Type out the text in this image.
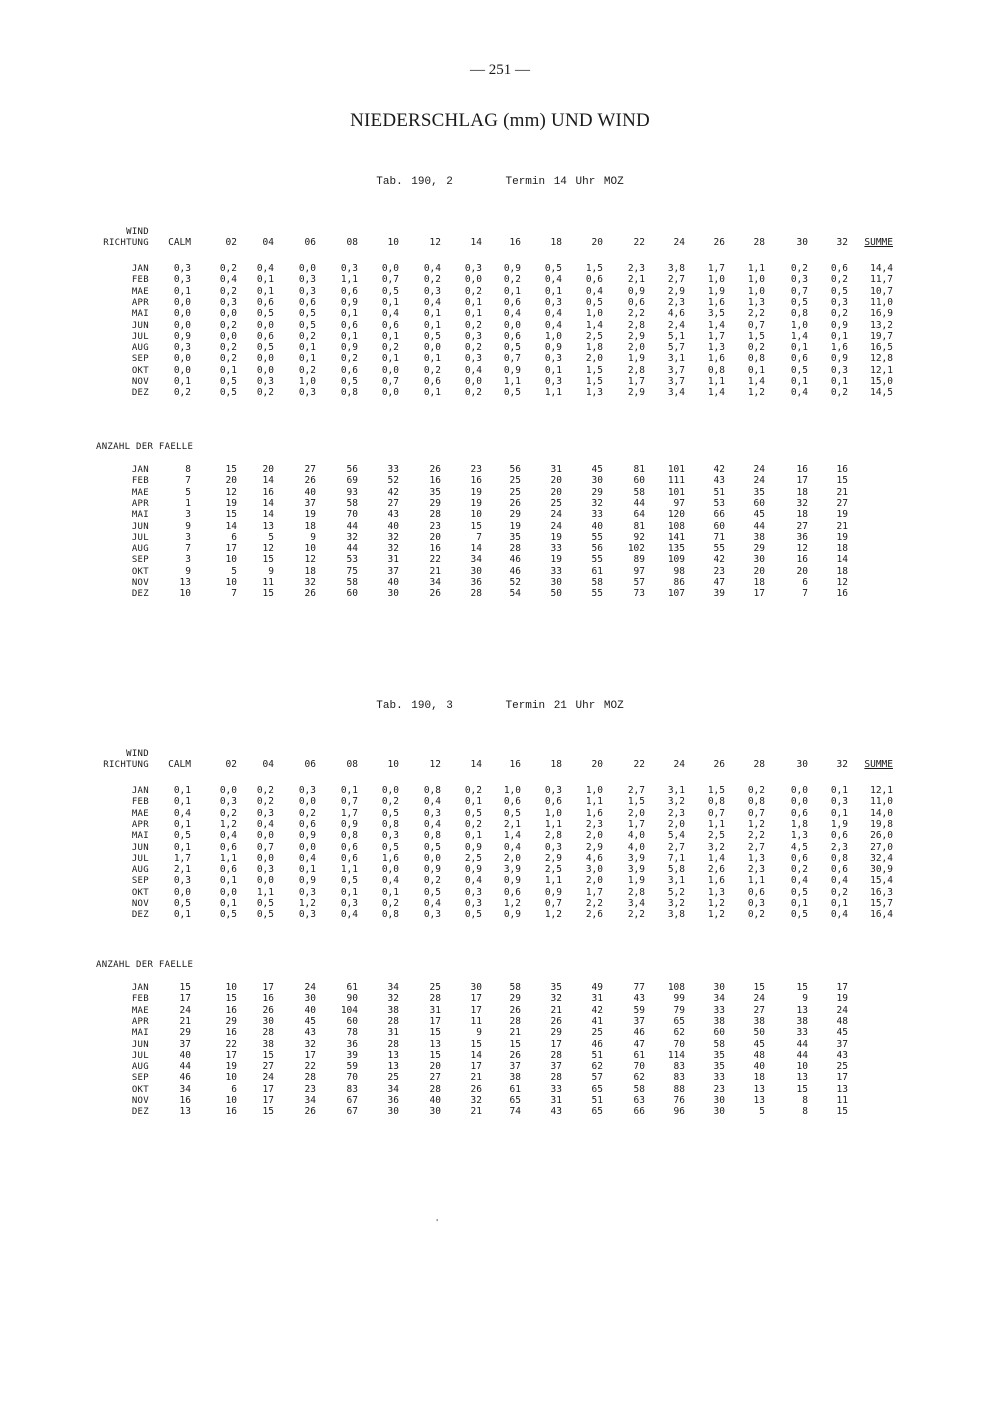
— 251 —
NIEDERSCHLAG (mm) UND WIND
Tab. 190, 2	Termin 14 Uhr MOZ
WIND
RICHTUNG CALM	02	04	06	08	10	12	14	16	18	20	22	24	26	28	30	32 SUMME
JAN	0,3	0,2 0,4	0,0	0,3	0,0	0,4	0,3 0,9	0,5	1,5	2,3 3,8 1,7 1,1	0,2 0,6 14,4
FEB	0,3	0,4 0,1	0,3	1,1	0,7	0,2	0,0 0,2	0,4	0,6	2,1 2,7 1,0 1,0	0,3 0,2 11,7
MAE	0,1	0,2 0,1	0,3	0,6	0,5	0,3	0,2 0,1	0,1	0,4	0,9 2,9 1,9 1,0	0,7 0,5 10,7
APR	0,0	0,3 0,6	0,6	0,9	0,1	0,4	0,1 0,6	0,3	0,5	0,6 2,3 1,6 1,3	0,5 0,3 11,0
MAI	0,0	0,0 0,5	0,5	0,1	0,4	0,1	0,1 0,4	0,4	1,0	2,2 4,6 3,5 2,2	0,8 0,2 16,9
JUN	0,0	0,2 0,0	0,5	0,6	0,6	0,1	0,2 0,0	0,4	1,4	2,8 2,4 1,4 0,7	1,0 0,9 13,2
JUL	0,9	0,0 0,6	0,2	0,1	0,1	0,5	0,3 0,6	1,0	2,5	2,9 5,1 1,7 1,5	1,4 0,1 19,7
AUG	0,3	0,2 0,5	0,1	0,9	0,2	0,0	0,2 0,5	0,9	1,8	2,0 5,7 1,3 0,2	0,1 1,6 16,5
SEP	0,0	0,2 0,0	0,1	0,2	0,1	0,1	0,3 0,7	0,3	2,0	1,9 3,1 1,6 0,8	0,6 0,9 12,8
OKT	0,0	0,1 0,0	0,2	0,6	0,0	0,2	0,4 0,9	0,1	1,5	2,8 3,7 0,8 0,1	0,5 0,3 12,1
NOV	0,1	0,5 0,3	1,0	0,5	0,7	0,6	0,0 1,1	0,3	1,5	1,7 3,7 1,1 1,4	0,1 0,1 15,0
DEZ	0,2	0,5 0,2	0,3	0,8	0,0	0,1	0,2 0,5	1,1	1,3	2,9 3,4 1,4 1,2	0,4 0,2 14,5
ANZAHL DER FAELLE
JAN	8	15	20	27	56	33	26	23	56	31	45	81 101	42	24	16	16
FEB	7	20	14	26	69	52	16	16	25	20	30	60 111	43	24	17	15
MAE	5	12	16	40	93	42	35	19	25	20	29	58 101	51	35	18	21
APR	1	19	14	37	58	27	29	19	26	25	32	44	97	53	60	32	27
MAI	3	15	14	19	70	43	28	10	29	24	33	64 120	66	45	18	19
JUN	9	14	13	18	44	40	23	15	19	24	40	81 108	60	44	27	21
JUL	3	6	5	9	32	32	20	7	35	19	55	92 141	71	38	36	19
AUG	7	17	12	10	44	32	16	14	28	33	56	102 135	55	29	12	18
SEP	3	10	15	12	53	31	22	34	46	19	55	89 109	42	30	16	14
OKT	9	5	9	18	75	37	21	30	46	33	61	97	98	23	20	20	18
NOV	13	10	11	32	58	40	34	36	52	30	58	57	86	47	18	6	12
DEZ	10	7	15	26	60	30	26	28	54	50	55	73 107	39	17	7	16
Tab. 190, 3	Termin 21 Uhr MOZ
WIND
RICHTUNG CALM	02	04	06	08	10	12	14	16	18	20	22	24	26	28	30	32 SUMME
JAN	0,1	0,0 0,2	0,3	0,1	0,0	0,8	0,2 1,0	0,3	1,0	2,7 3,1 1,5 0,2	0,0 0,1 12,1
FEB	0,1	0,3 0,2	0,0	0,7	0,2	0,4	0,1 0,6	0,6	1,1	1,5 3,2 0,8 0,8	0,0 0,3 11,0
MAE	0,4	0,2 0,3	0,2	1,7	0,5	0,3	0,5 0,5	1,0	1,6	2,0 2,3 0,7 0,7	0,6 0,1 14,0
APR	0,1	1,2 0,4	0,6	0,9	0,8	0,4	0,2 2,1	1,1	2,3	1,7 2,0 1,1 1,2	1,8 1,9 19,8
MAI	0,5	0,4 0,0	0,9	0,8	0,3	0,8	0,1 1,4	2,8	2,0	4,0 5,4 2,5 2,2	1,3 0,6 26,0
JUN	0,1	0,6 0,7	0,0	0,6	0,5	0,5	0,9 0,4	0,3	2,9	4,0 2,7 3,2 2,7	4,5 2,3 27,0
JUL	1,7	1,1 0,0	0,4	0,6	1,6	0,0	2,5 2,0	2,9	4,6	3,9 7,1 1,4 1,3	0,6 0,8 32,4
AUG	2,1	0,6 0,3	0,1	1,1	0,0	0,9	0,9 3,9	2,5	3,0	3,9 5,8 2,6 2,3	0,2 0,6 30,9
SEP	0,3	0,1 0,0	0,9	0,5	0,4	0,2	0,4 0,9	1,1	2,0	1,9 3,1 1,6 1,1	0,4 0,4 15,4
OKT	0,0	0,0 1,1	0,3	0,1	0,1	0,5	0,3 0,6	0,9	1,7	2,8 5,2 1,3 0,6	0,5 0,2 16,3
NOV	0,5	0,1 0,5	1,2	0,3	0,2	0,4	0,3 1,2	0,7	2,2	3,4 3,2 1,2 0,3	0,1 0,1 15,7
DEZ	0,1	0,5 0,5	0,3	0,4	0,8	0,3	0,5 0,9	1,2	2,6	2,2 3,8 1,2 0,2	0,5 0,4 16,4
ANZAHL DER FAELLE
JAN	15	10	17	24	61	34	25	30	58	35	49	77 108	30	15	15	17
FEB	17	15	16	30	90	32	28	17	29	32	31	43	99	34	24	9	19
MAE	24	16	26	40	104	38	31	17	26	21	42	59	79	33	27	13	24
APR	21	29	30	45	60	28	17	11	28	26	41	37	65	38	38	38	48
MAI	29	16	28	43	78	31	15	9	21	29	25	46	62	60	50	33	45
JUN	37	22	38	32	36	28	13	15	15	17	46	47	70	58	45	44	37
JUL	40	17	15	17	39	13	15	14	26	28	51	61 114	35	48	44	43
AUG	44	19	27	22	59	13	20	17	37	37	62	70	83	35	40	10	25
SEP	46	10	24	28	70	25	27	21	38	28	57	62	83	33	18	13	17
OKT	34	6	17	23	83	34	28	26	61	33	65	58	88	23	13	15	13
NOV	16	10	17	34	67	36	40	32	65	31	51	63	76	30	13	8	11
DEZ	13	16	15	26	67	30	30	21	74	43	65	66	96	30	5	8	15
'
